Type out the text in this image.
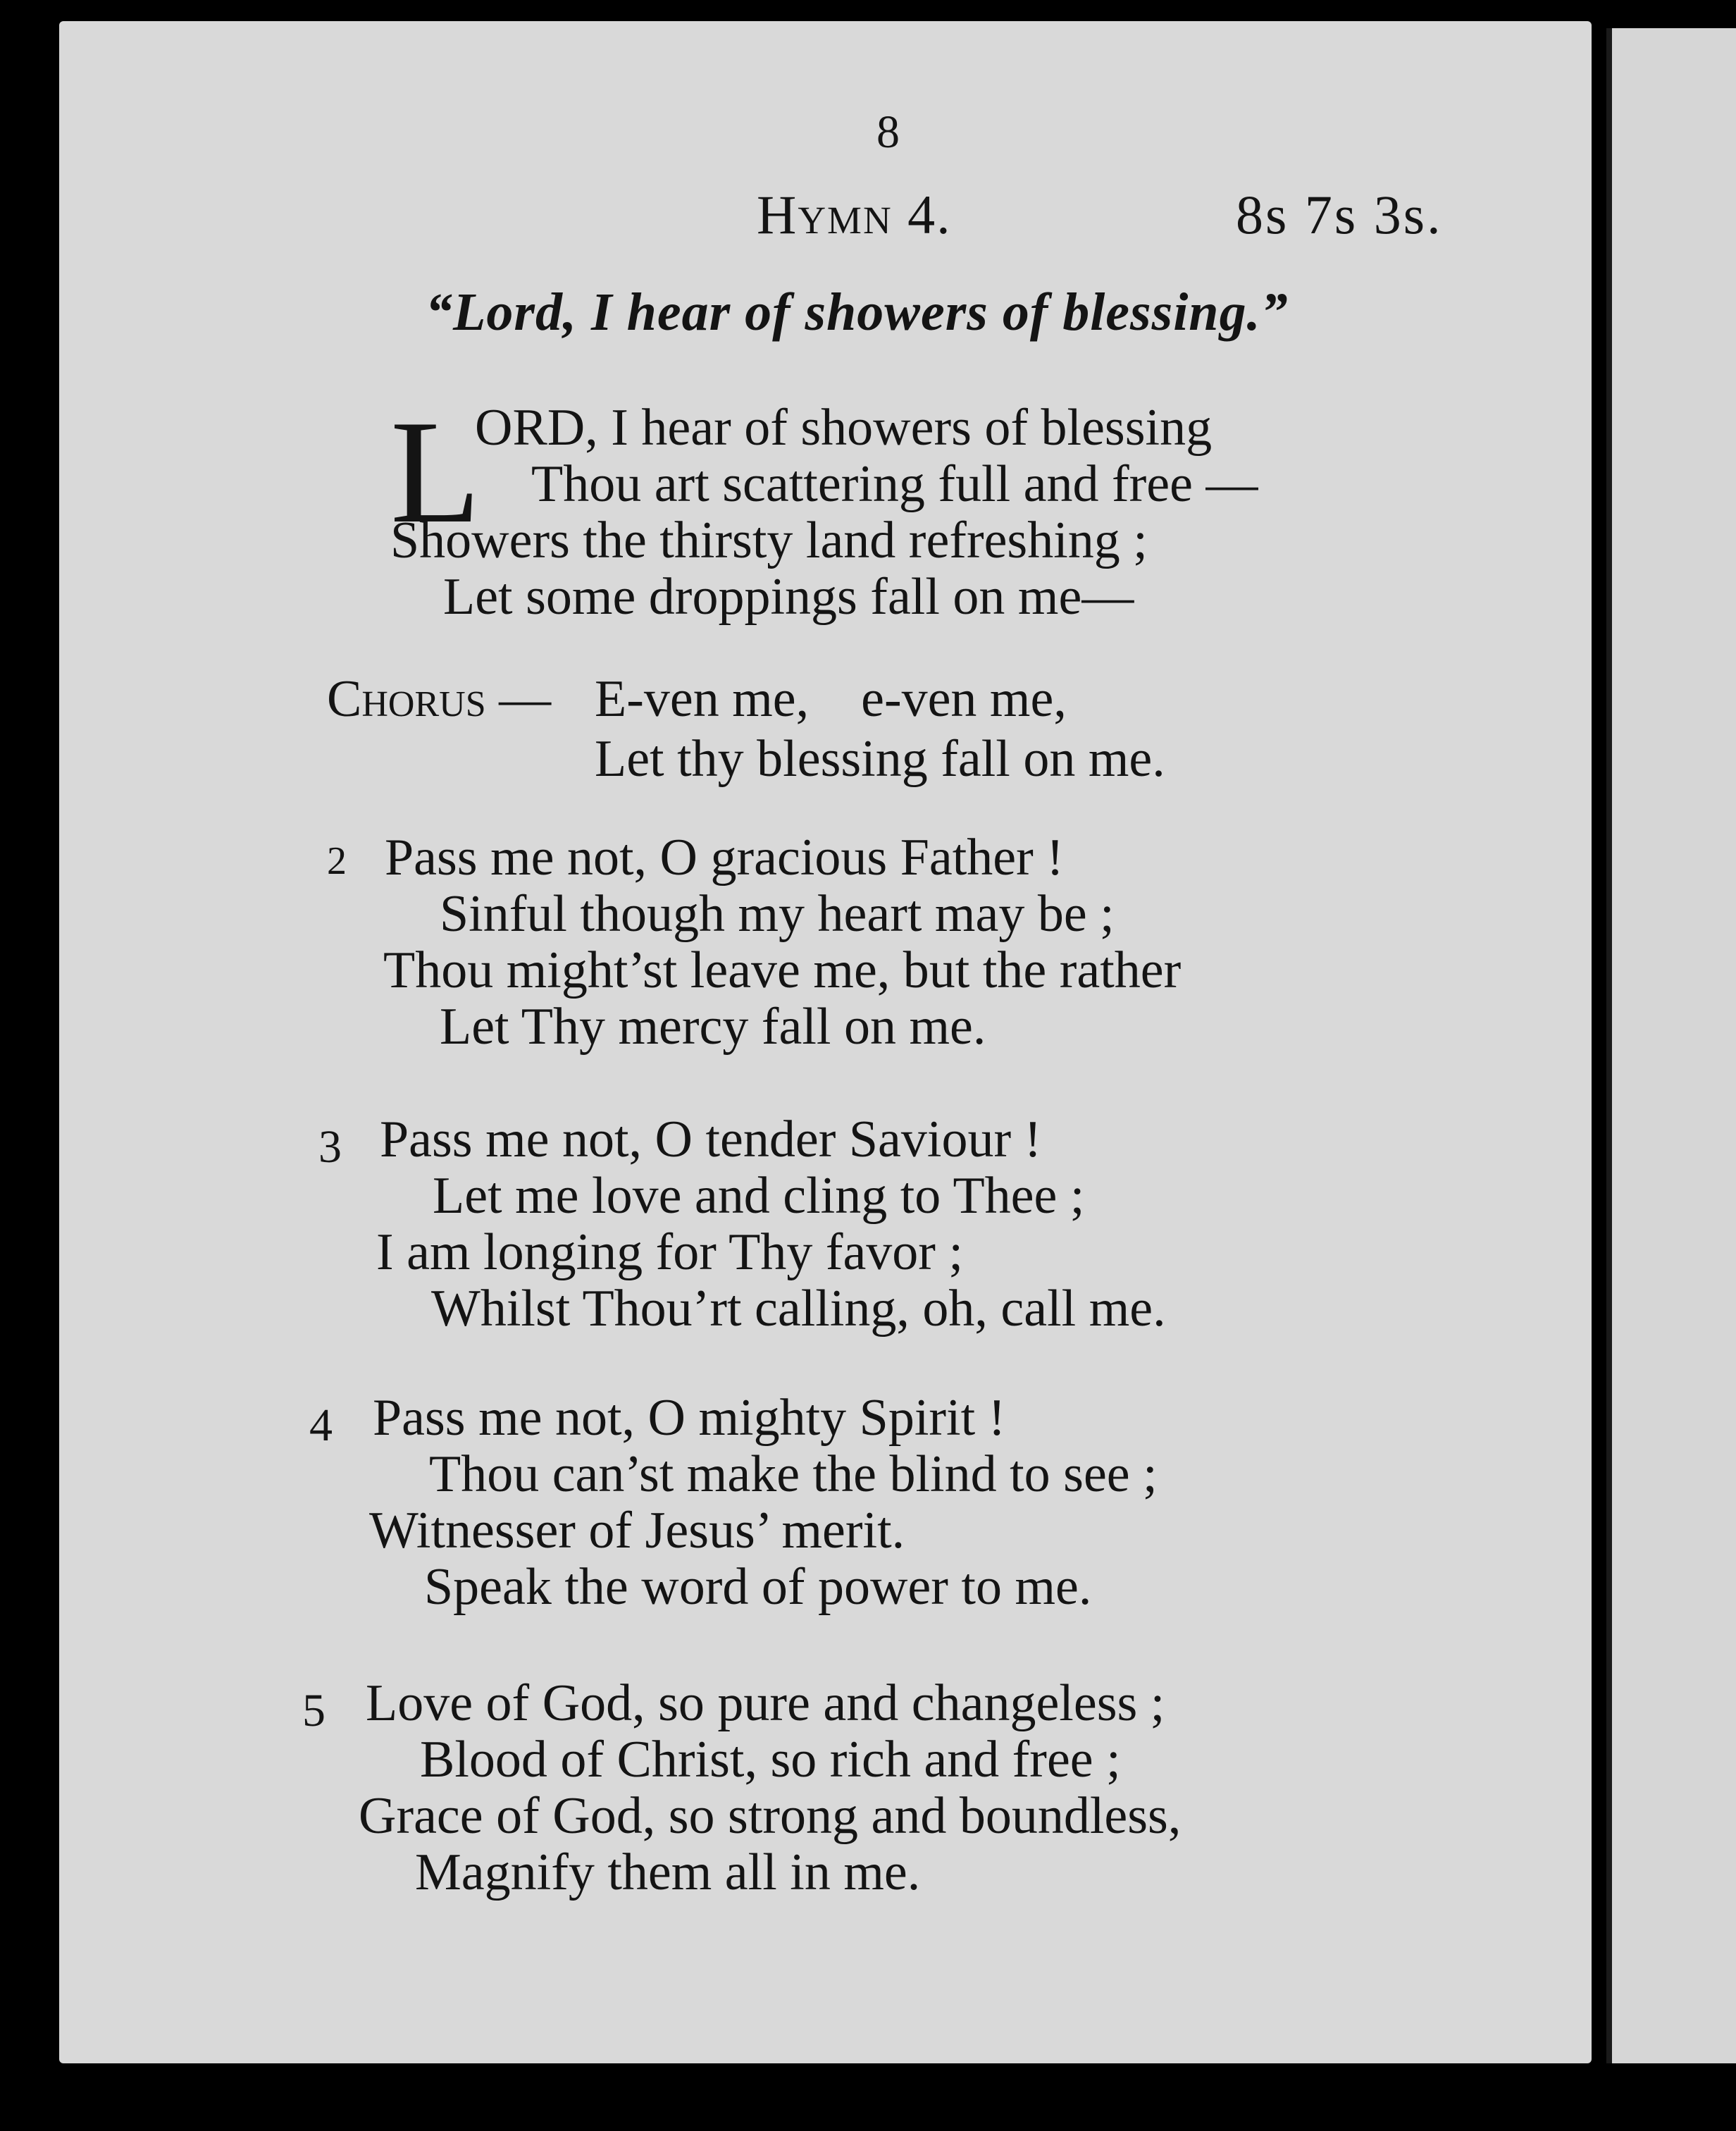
8
Hymn 4.	8s 7s 3s.
“Lord, I hear of showers of blessing.”
L
ORD, I hear of showers of blessing
Thou art scattering full and free —
Showers the thirsty land refreshing ;
Let some droppings fall on me—
Chorus — E-ven me,    e-ven me,
Let thy blessing fall on me.
2 Pass me not, O gracious Father !
Sinful though my heart may be ;
Thou might’st leave me, but the rather
Let Thy mercy fall on me.
3 Pass me not, O tender Saviour !
Let me love and cling to Thee ;
I am longing for Thy favor ;
Whilst Thou’rt calling, oh, call me.
4 Pass me not, O mighty Spirit !
Thou can’st make the blind to see ;
Witnesser of Jesus’ merit.
Speak the word of power to me.
5 Love of God, so pure and changeless ;
Blood of Christ, so rich and free ;
Grace of God, so strong and boundless,
Magnify them all in me.
